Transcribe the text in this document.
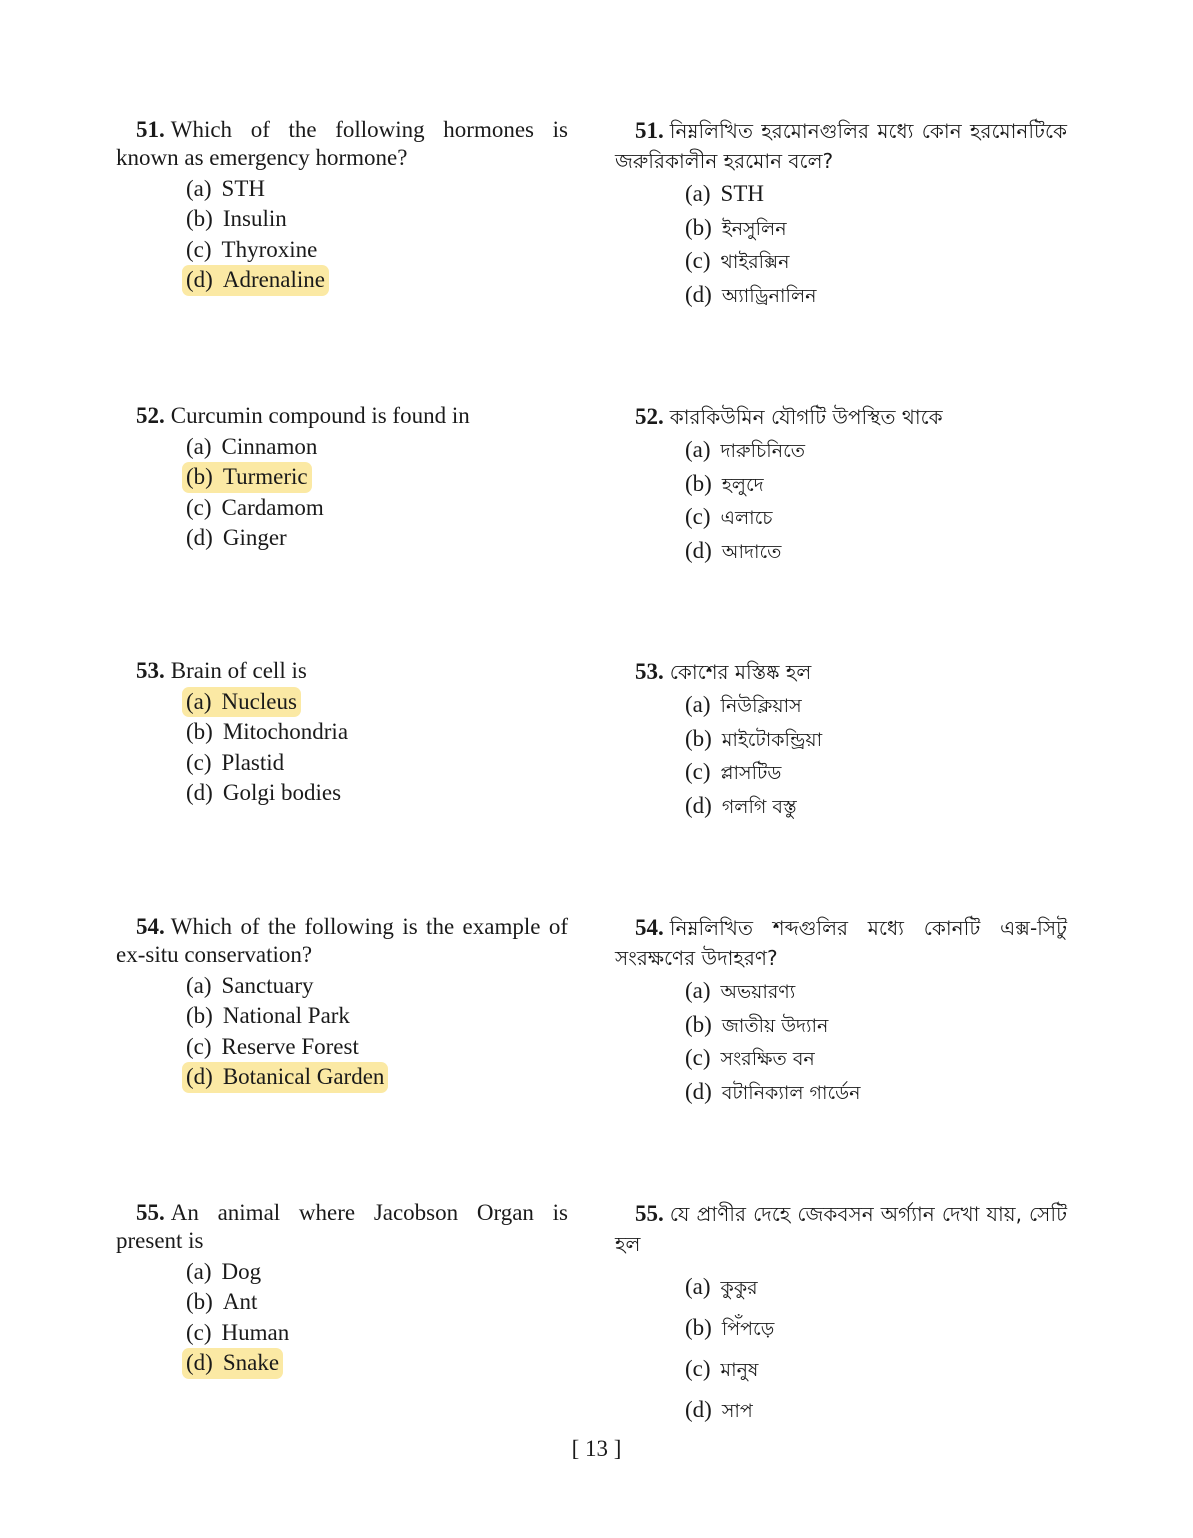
51. Which of the following hormones is known as emergency hormone?

(a) STH
(b) Insulin
(c) Thyroxine
(d) Adrenaline

52. Curcumin compound is found in

(a) Cinnamon
(b) Turmeric
(c) Cardamom
(d) Ginger

53. Brain of cell is

(a) Nucleus
(b) Mitochondria
(c) Plastid
(d) Golgi bodies

54. Which of the following is the example of ex-situ conservation?

(a) Sanctuary
(b) National Park
(c) Reserve Forest
(d) Botanical Garden

55. An animal where Jacobson Organ is present is

(a) Dog
(b) Ant
(c) Human
(d) Snake

51. নিম্নলিখিত হরমোনগুলির মধ্যে কোন হরমোনটিকে জরুরিকালীন হরমোন বলে?

(a) STH
(b) ইনসুলিন
(c) থাইরক্সিন
(d) অ্যাড্রিনালিন

52. কারকিউমিন যৌগটি উপস্থিত থাকে

(a) দারুচিনিতে
(b) হলুদে
(c) এলাচে
(d) আদাতে

53. কোশের মস্তিষ্ক হল

(a) নিউক্লিয়াস
(b) মাইটোকন্ড্রিয়া
(c) প্লাসটিড
(d) গলগি বস্তু

54. নিম্নলিখিত শব্দগুলির মধ্যে কোনটি এক্স-সিটু সংরক্ষণের উদাহরণ?

(a) অভয়ারণ্য
(b) জাতীয় উদ্যান
(c) সংরক্ষিত বন
(d) বটানিক্যাল গার্ডেন

55. যে প্রাণীর দেহে জেকবসন অর্গ্যান দেখা যায়, সেটি হল

(a) কুকুর
(b) পিঁপড়ে
(c) মানুষ
(d) সাপ
[ 13 ]
